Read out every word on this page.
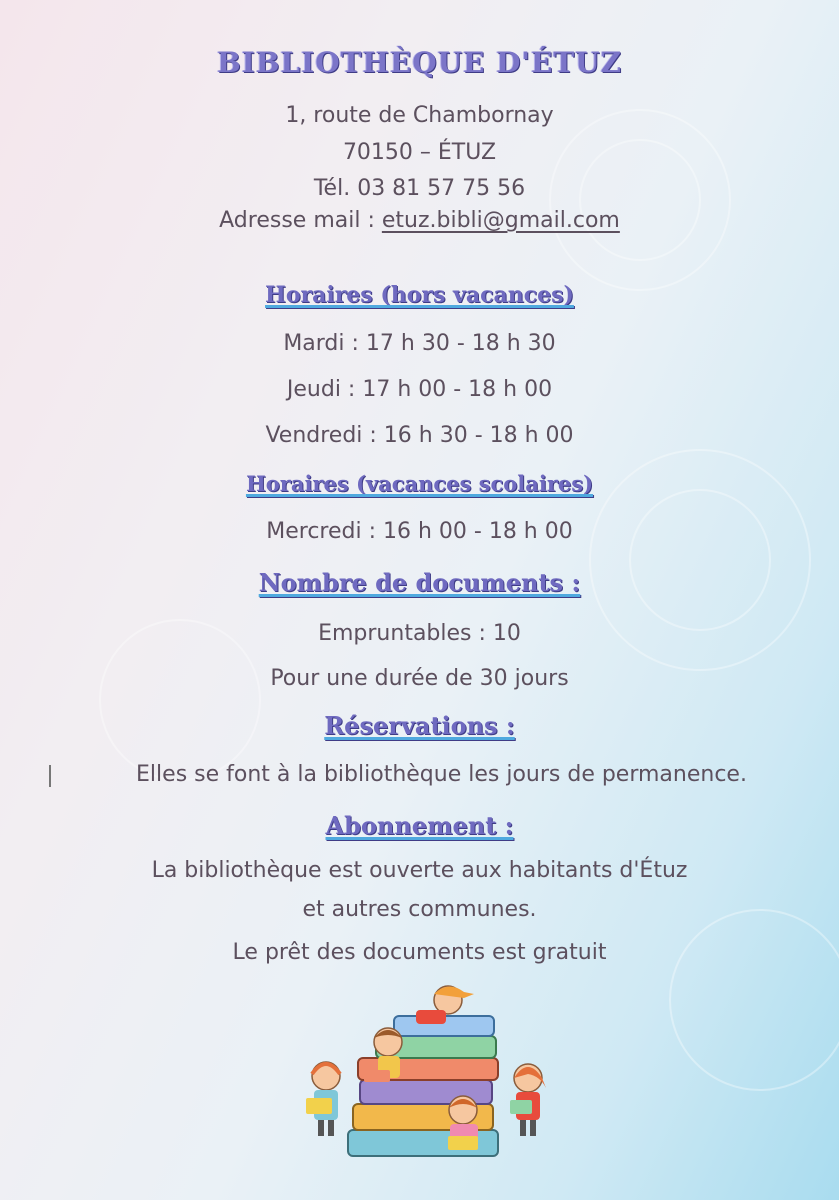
BIBLIOTHÈQUE D'ÉTUZ
1, route de Chambornay
70150 – ÉTUZ
Tél. 03 81 57 75 56
Adresse mail : etuz.bibli@gmail.com
Horaires (hors vacances)
Mardi : 17 h 30 - 18 h 30
Jeudi : 17 h 00 - 18 h 00
Vendredi : 16 h 30 - 18 h 00
Horaires (vacances scolaires)
Mercredi : 16 h 00 - 18 h 00
Nombre de documents :
Empruntables : 10
Pour une durée de 30 jours
Réservations :
Elles se font à la bibliothèque les jours de permanence.
Abonnement :
La bibliothèque est ouverte aux habitants d'Étuz
et autres communes.
Le prêt des documents est gratuit
